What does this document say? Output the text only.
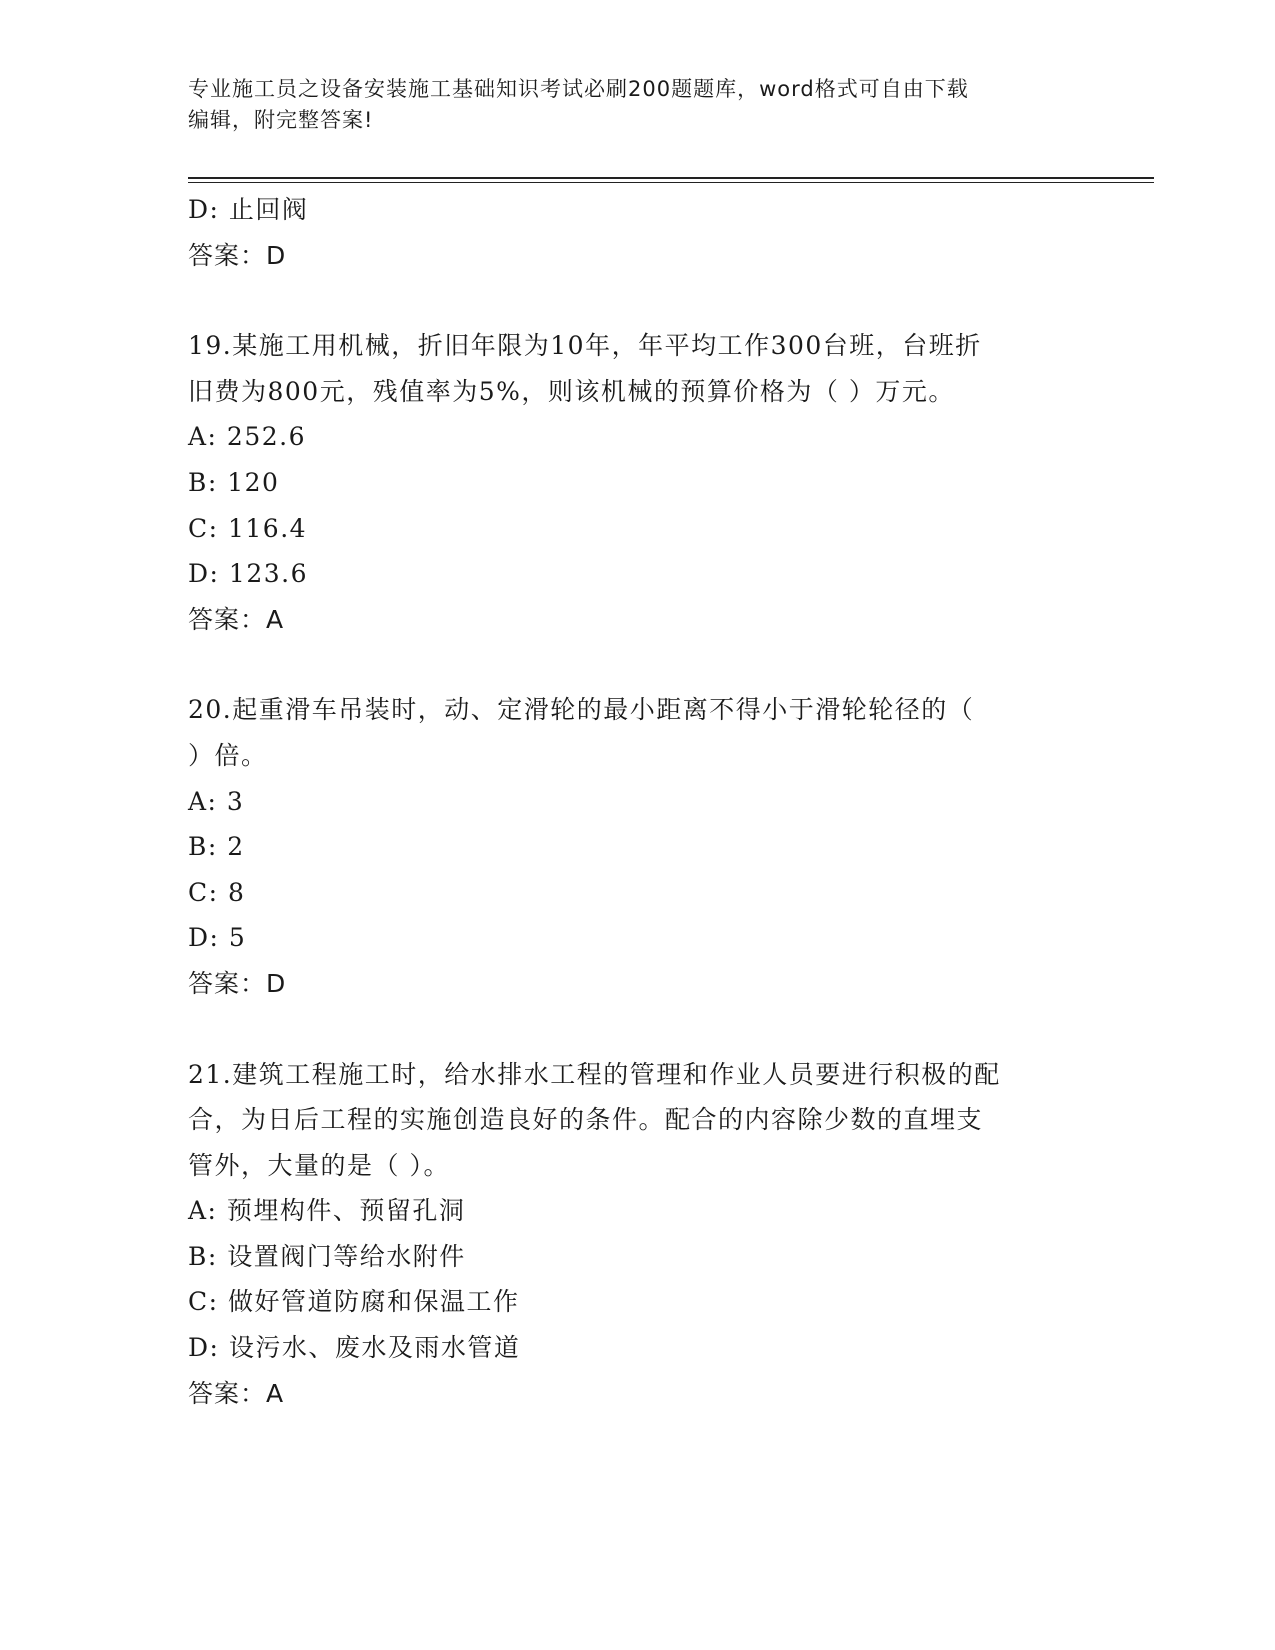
专业施工员之设备安装施工基础知识考试必刷200题题库，word格式可自由下载
编辑，附完整答案!
D: 止回阀
答案：D
19.某施工用机械，折旧年限为10年，年平均工作300台班，台班折
旧费为800元，残值率为5%，则该机械的预算价格为（ ）万元。
A: 252.6
B: 120
C: 116.4
D: 123.6
答案：A
20.起重滑车吊装时，动、定滑轮的最小距离不得小于滑轮轮径的（
）倍。
A: 3
B: 2
C: 8
D: 5
答案：D
21.建筑工程施工时，给水排水工程的管理和作业人员要进行积极的配
合，为日后工程的实施创造良好的条件。配合的内容除少数的直埋支
管外，大量的是（ ）。
A: 预埋构件、预留孔洞
B: 设置阀门等给水附件
C: 做好管道防腐和保温工作
D: 设污水、废水及雨水管道
答案：A
